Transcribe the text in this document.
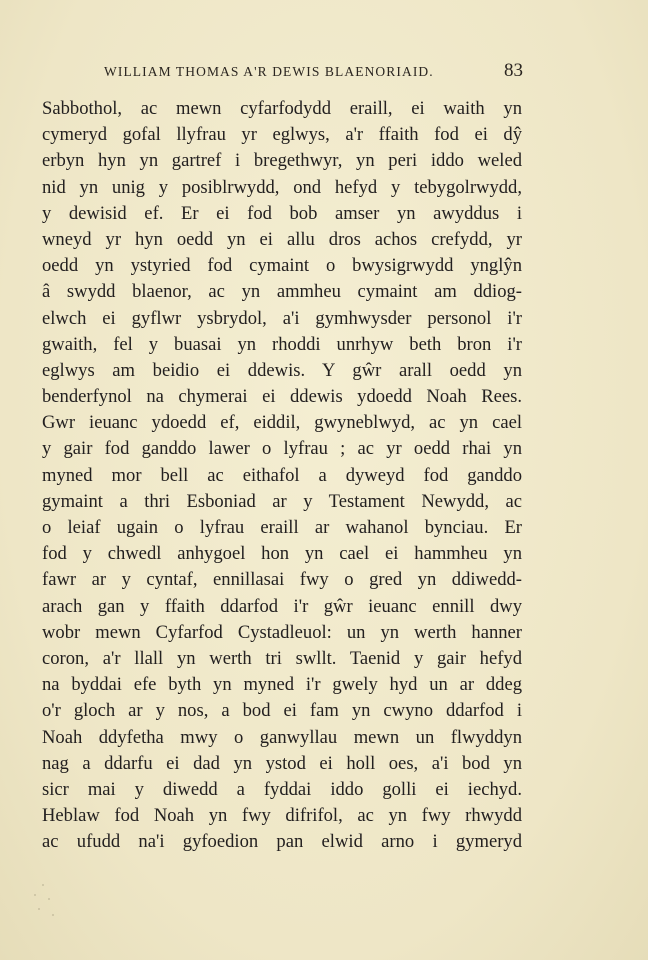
WILLIAM THOMAS A'R DEWIS BLAENORIAID.	83
Sabbothol, ac mewn cyfarfodydd eraill, ei waith yn
cymeryd gofal llyfrau yr eglwys, a'r ffaith fod ei dŷ
erbyn hyn yn gartref i bregethwyr, yn peri iddo weled
nid yn unig y posiblrwydd, ond hefyd y tebygolrwydd,
y dewisid ef. Er ei fod bob amser yn awyddus i
wneyd yr hyn oedd yn ei allu dros achos crefydd, yr
oedd yn ystyried fod cymaint o bwysigrwydd ynglŷn
â swydd blaenor, ac yn ammheu cymaint am ddiog-
elwch ei gyflwr ysbrydol, a'i gymhwysder personol i'r
gwaith, fel y buasai yn rhoddi unrhyw beth bron i'r
eglwys am beidio ei ddewis. Y gŵr arall oedd yn
benderfynol na chymerai ei ddewis ydoedd Noah Rees.
Gwr ieuanc ydoedd ef, eiddil, gwyneblwyd, ac yn cael
y gair fod ganddo lawer o lyfrau ; ac yr oedd rhai yn
myned mor bell ac eithafol a dyweyd fod ganddo
gymaint a thri Esboniad ar y Testament Newydd, ac
o leiaf ugain o lyfrau eraill ar wahanol bynciau. Er
fod y chwedl anhygoel hon yn cael ei hammheu yn
fawr ar y cyntaf, ennillasai fwy o gred yn ddiwedd-
arach gan y ffaith ddarfod i'r gŵr ieuanc ennill dwy
wobr mewn Cyfarfod Cystadleuol: un yn werth hanner
coron, a'r llall yn werth tri swllt. Taenid y gair hefyd
na byddai efe byth yn myned i'r gwely hyd un ar ddeg
o'r gloch ar y nos, a bod ei fam yn cwyno ddarfod i
Noah ddyfetha mwy o ganwyllau mewn un flwyddyn
nag a ddarfu ei dad yn ystod ei holl oes, a'i bod yn
sicr mai y diwedd a fyddai iddo golli ei iechyd.
Heblaw fod Noah yn fwy difrifol, ac yn fwy rhwydd
ac ufudd na'i gyfoedion pan elwid arno i gymeryd
